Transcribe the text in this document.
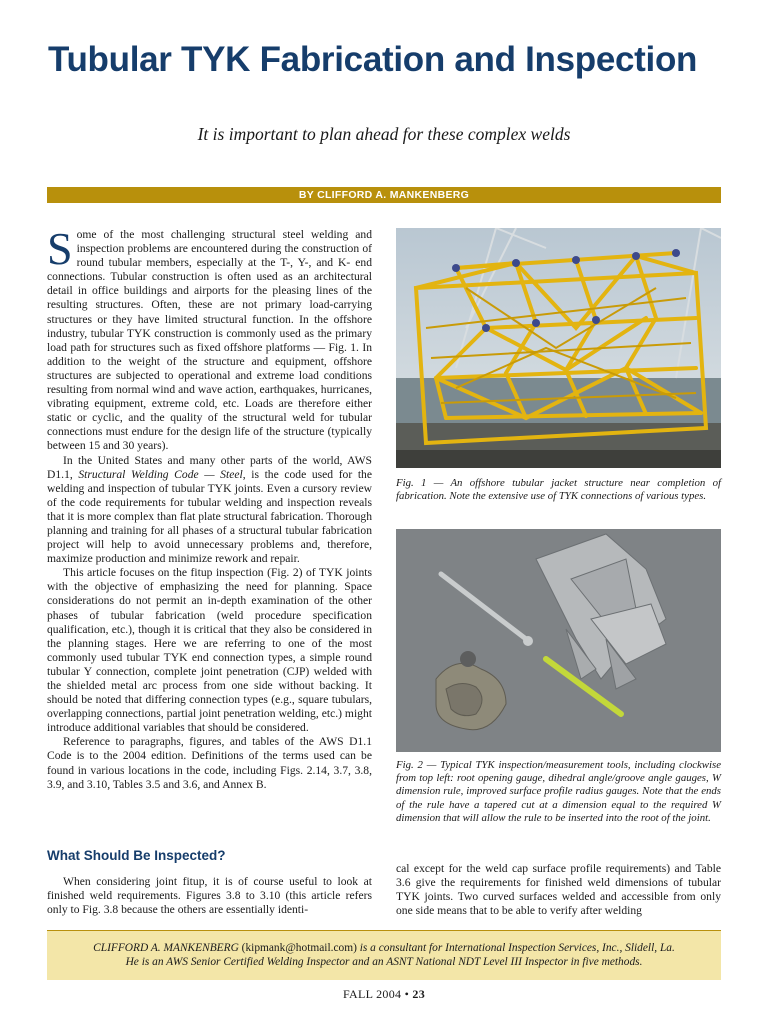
Tubular TYK Fabrication and Inspection
It is important to plan ahead for these complex welds
BY CLIFFORD A. MANKENBERG

Some of the most challenging structural steel welding and inspection problems are encountered during the construction of round tubular members, especially at the T-, Y-, and K- end connections. Tubular construction is often used as an architectural detail in office buildings and airports for the pleasing lines of the resulting structures. Often, these are not primary load-carrying structures or they have limited structural function. In the offshore industry, tubular TYK construction is commonly used as the primary load path for structures such as fixed offshore platforms — Fig. 1. In addition to the weight of the structure and equipment, offshore structures are subjected to operational and extreme load conditions resulting from normal wind and wave action, earthquakes, hurricanes, vibrating equipment, extreme cold, etc. Loads are therefore either static or cyclic, and the quality of the structural weld for tubular connections must endure for the design life of the structure (typically between 15 and 30 years).

In the United States and many other parts of the world, AWS D1.1, Structural Welding Code — Steel, is the code used for the welding and inspection of tubular TYK joints. Even a cursory review of the code requirements for tubular welding and inspection reveals that it is more complex than flat plate structural fabrication. Thorough planning and training for all phases of a structural tubular fabrication project will help to avoid unnecessary problems and, therefore, maximize production and minimize rework and repair.

This article focuses on the fitup inspection (Fig. 2) of TYK joints with the objective of emphasizing the need for planning. Space considerations do not permit an in-depth examination of the other phases of tubular fabrication (weld procedure specification qualification, etc.), though it is critical that they also be considered in the planning stages. Here we are referring to one of the most commonly used tubular TYK end connection types, a simple round tubular Y connection, complete joint penetration (CJP) welded with the shielded metal arc process from one side without backing. It should be noted that differing connection types (e.g., square tubulars, overlapping connections, partial joint penetration welding, etc.) might introduce additional variables that should be considered.

Reference to paragraphs, figures, and tables of the AWS D1.1 Code is to the 2004 edition. Definitions of the terms used can be found in various locations in the code, including Figs. 2.14, 3.7, 3.8, 3.9, and 3.10, Tables 3.5 and 3.6, and Annex B.

What Should Be Inspected?

When considering joint fitup, it is of course useful to look at finished weld requirements. Figures 3.8 to 3.10 (this article refers only to Fig. 3.8 because the others are essentially identi-

cal except for the weld cap surface profile requirements) and Table 3.6 give the requirements for finished weld dimensions of tubular TYK joints. Two curved surfaces welded and accessible from only one side means that to be able to verify after welding

Fig. 1 — An offshore tubular jacket structure near completion of fabrication. Note the extensive use of TYK connections of various types.
Fig. 2 — Typical TYK inspection/measurement tools, including clockwise from top left: root opening gauge, dihedral angle/groove angle gauges, W dimension rule, improved surface profile radius gauges. Note that the ends of the rule have a tapered cut at a dimension equal to the required W dimension that will allow the rule to be inserted into the root of the joint.
CLIFFORD A. MANKENBERG (kipmank@hotmail.com) is a consultant for International Inspection Services, Inc., Slidell, La.
He is an AWS Senior Certified Welding Inspector and an ASNT National NDT Level III Inspector in five methods.
FALL 2004 • 23
